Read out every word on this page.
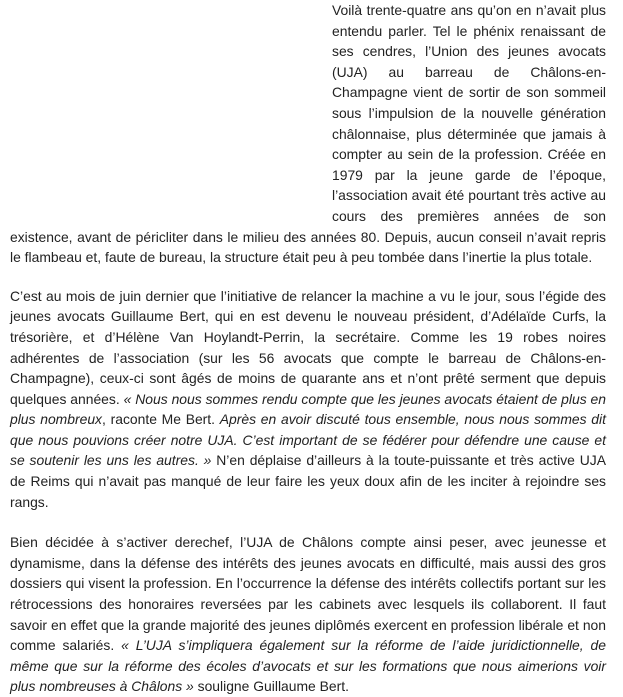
Voilà trente-quatre ans qu’on en n’avait plus entendu parler. Tel le phénix renaissant de ses cendres, l’Union des jeunes avocats (UJA) au barreau de Châlons-en-Champagne vient de sortir de son sommeil sous l’impulsion de la nouvelle génération châlonnaise, plus déterminée que jamais à compter au sein de la profession. Créée en 1979 par la jeune garde de l’époque, l’association avait été pourtant très active au cours des premières années de son existence, avant de péricliter dans le milieu des années 80. Depuis, aucun conseil n’avait repris le flambeau et, faute de bureau, la structure était peu à peu tombée dans l’inertie la plus totale.

C’est au mois de juin dernier que l’initiative de relancer la machine a vu le jour, sous l’égide des jeunes avocats Guillaume Bert, qui en est devenu le nouveau président, d’Adélaïde Curfs, la trésorière, et d’Hélène Van Hoylandt-Perrin, la secrétaire. Comme les 19 robes noires adhérentes de l’association (sur les 56 avocats que compte le barreau de Châlons-en-Champagne), ceux-ci sont âgés de moins de quarante ans et n’ont prêté serment que depuis quelques années. « Nous nous sommes rendu compte que les jeunes avocats étaient de plus en plus nombreux, raconte Me Bert. Après en avoir discuté tous ensemble, nous nous sommes dit que nous pouvions créer notre UJA. C’est important de se fédérer pour défendre une cause et se soutenir les uns les autres. » N’en déplaise d’ailleurs à la toute-puissante et très active UJA de Reims qui n’avait pas manqué de leur faire les yeux doux afin de les inciter à rejoindre ses rangs.

Bien décidée à s’activer derechef, l’UJA de Châlons compte ainsi peser, avec jeunesse et dynamisme, dans la défense des intérêts des jeunes avocats en difficulté, mais aussi des gros dossiers qui visent la profession. En l’occurrence la défense des intérêts collectifs portant sur les rétrocessions des honoraires reversées par les cabinets avec lesquels ils collaborent. Il faut savoir en effet que la grande majorité des jeunes diplômés exercent en profession libérale et non comme salariés. « L’UJA s’impliquera également sur la réforme de l’aide juridictionnelle, de même que sur la réforme des écoles d’avocats et sur les formations que nous aimerions voir plus nombreuses à Châlons » souligne Guillaume Bert.
